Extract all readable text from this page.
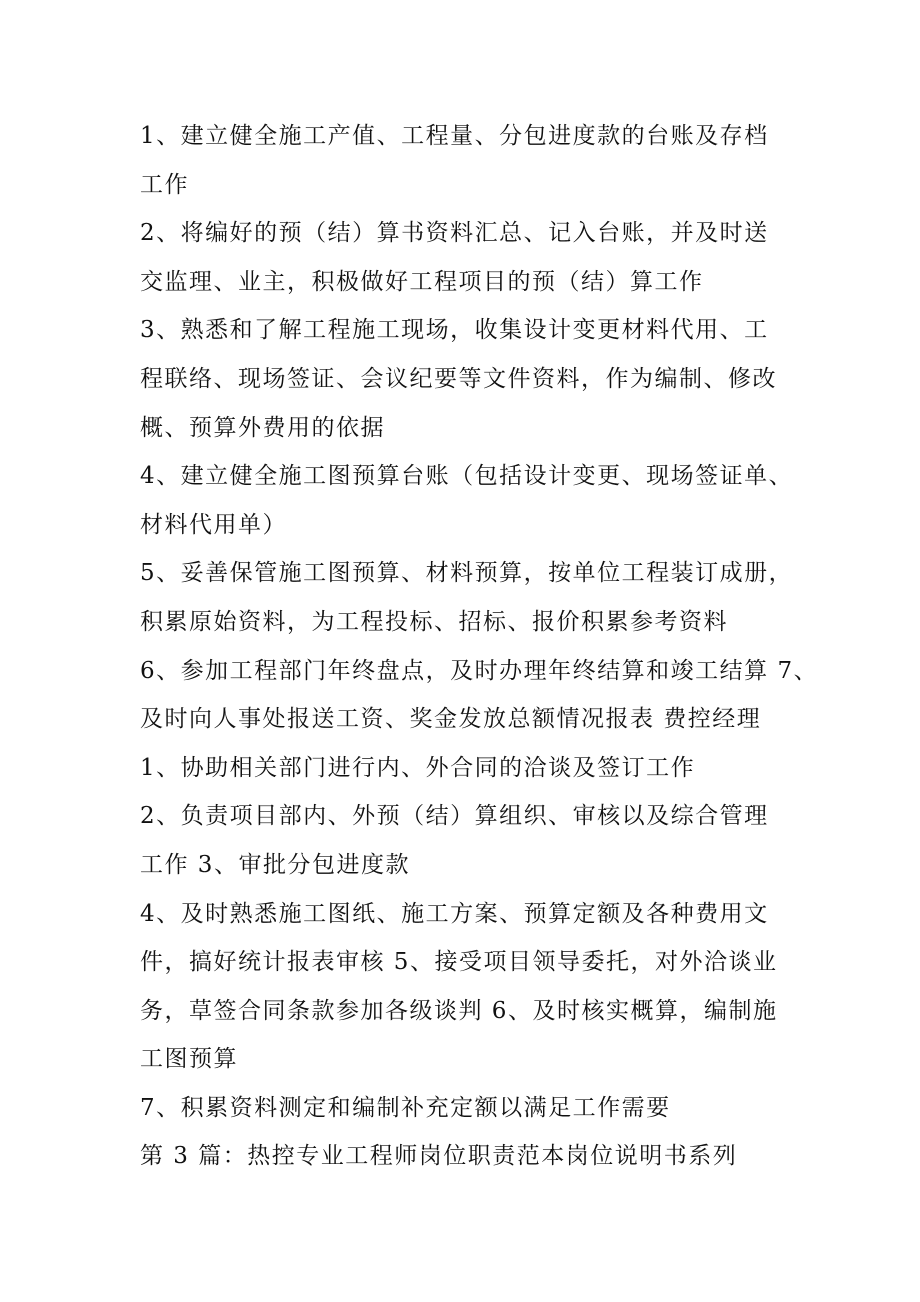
1、建立健全施工产值、工程量、分包进度款的台账及存档
工作
2、将编好的预（结）算书资料汇总、记入台账，并及时送
交监理、业主，积极做好工程项目的预（结）算工作
3、熟悉和了解工程施工现场，收集设计变更材料代用、工
程联络、现场签证、会议纪要等文件资料，作为编制、修改
概、预算外费用的依据
4、建立健全施工图预算台账（包括设计变更、现场签证单、
材料代用单）
5、妥善保管施工图预算、材料预算，按单位工程装订成册，
积累原始资料，为工程投标、招标、报价积累参考资料
6、参加工程部门年终盘点，及时办理年终结算和竣工结算 7、
及时向人事处报送工资、奖金发放总额情况报表 费控经理
1、协助相关部门进行内、外合同的洽谈及签订工作
2、负责项目部内、外预（结）算组织、审核以及综合管理
工作 3、审批分包进度款
4、及时熟悉施工图纸、施工方案、预算定额及各种费用文
件，搞好统计报表审核 5、接受项目领导委托，对外洽谈业
务，草签合同条款参加各级谈判 6、及时核实概算，编制施
工图预算
7、积累资料测定和编制补充定额以满足工作需要
第 3 篇：热控专业工程师岗位职责范本岗位说明书系列
